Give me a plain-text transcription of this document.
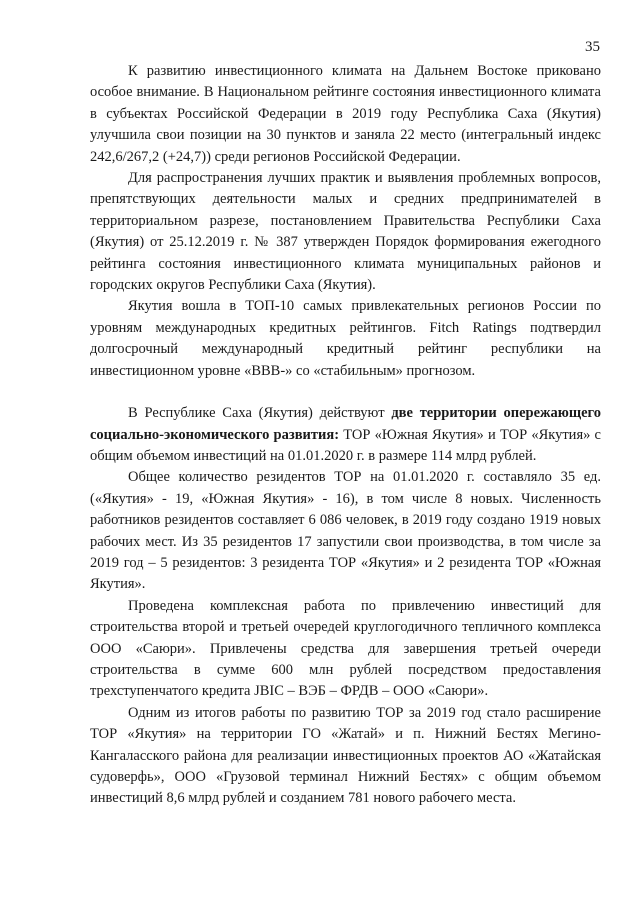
35

К развитию инвестиционного климата на Дальнем Востоке приковано особое внимание. В Национальном рейтинге состояния инвестиционного климата в субъектах Российской Федерации в 2019 году Республика Саха (Якутия) улучшила свои позиции на 30 пунктов и заняла 22 место (интегральный индекс 242,6/267,2 (+24,7)) среди регионов Российской Федерации.

Для распространения лучших практик и выявления проблемных вопросов, препятствующих деятельности малых и средних предпринимателей в территориальном разрезе, постановлением Правительства Республики Саха (Якутия) от 25.12.2019 г. № 387 утвержден Порядок формирования ежегодного рейтинга состояния инвестиционного климата муниципальных районов и городских округов Республики Саха (Якутия).

Якутия вошла в ТОП-10 самых привлекательных регионов России по уровням международных кредитных рейтингов. Fitch Ratings подтвердил долгосрочный международный кредитный рейтинг республики на инвестиционном уровне «BBB-» со «стабильным» прогнозом.

В Республике Саха (Якутия) действуют две территории опережающего социально-экономического развития: ТОР «Южная Якутия» и ТОР «Якутия» с общим объемом инвестиций на 01.01.2020 г. в размере 114 млрд рублей.

Общее количество резидентов ТОР на 01.01.2020 г. составляло 35 ед. («Якутия» - 19, «Южная Якутия» - 16), в том числе 8 новых. Численность работников резидентов составляет 6 086 человек, в 2019 году создано 1919 новых рабочих мест. Из 35 резидентов 17 запустили свои производства, в том числе за 2019 год – 5 резидентов: 3 резидента ТОР «Якутия» и 2 резидента ТОР «Южная Якутия».

Проведена комплексная работа по привлечению инвестиций для строительства второй и третьей очередей круглогодичного тепличного комплекса ООО «Саюри». Привлечены средства для завершения третьей очереди строительства в сумме 600 млн рублей посредством предоставления трехступенчатого кредита JBIC – ВЭБ – ФРДВ – ООО «Саюри».

Одним из итогов работы по развитию ТОР за 2019 год стало расширение ТОР «Якутия» на территории ГО «Жатай» и п. Нижний Бестях Мегино-Кангаласского района для реализации инвестиционных проектов АО «Жатайская судоверфь», ООО «Грузовой терминал Нижний Бестях» с общим объемом инвестиций 8,6 млрд рублей и созданием 781 нового рабочего места.
